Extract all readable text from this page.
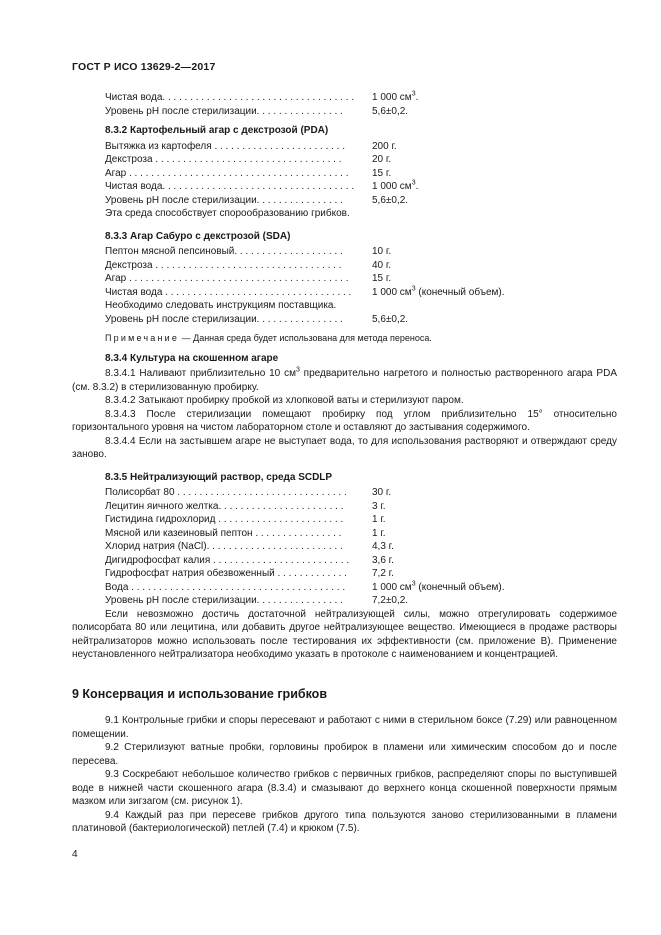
ГОСТ Р ИСО 13629-2—2017
Чистая вода. . . . . . . . . . . . . . . . . . . . . . . . . . . . . . . . . . .	1 000 $см^3$.
Уровень рН после стерилизации. . . . . . . . . . . . . . . .	5,6±0,2.
8.3.2 Картофельный агар с декстрозой (PDA)
Вытяжка из картофеля . . . . . . . . . . . . . . . . . . . . . . . .	200 г.
Декстроза . . . . . . . . . . . . . . . . . . . . . . . . . . . . . . . . . .	20 г.
Агар . . . . . . . . . . . . . . . . . . . . . . . . . . . . . . . . . . . . . . . .	15 г.
Чистая вода. . . . . . . . . . . . . . . . . . . . . . . . . . . . . . . . . . .	1 000 $см^3$.
Уровень рН после стерилизации. . . . . . . . . . . . . . . .	5,6±0,2.
Эта среда способствует спорообразованию грибков.
8.3.3 Агар Сабуро с декстрозой (SDA)
Пептон мясной пепсиновый. . . . . . . . . . . . . . . . . . . .	10 г.
Декстроза . . . . . . . . . . . . . . . . . . . . . . . . . . . . . . . . . .	40 г.
Агар . . . . . . . . . . . . . . . . . . . . . . . . . . . . . . . . . . . . . . . .	15 г.
Чистая вода . . . . . . . . . . . . . . . . . . . . . . . . . . . . . . . . . .	1 000 $см^3$ (конечный объем).
Необходимо следовать инструкциям поставщика.
Уровень рН после стерилизации. . . . . . . . . . . . . . . .	5,6±0,2.
Примечание — Данная среда будет использована для метода переноса.
8.3.4 Культура на скошенном агаре
8.3.4.1 Наливают приблизительно 10 $см^3$ предварительно нагретого и полностью растворенного агара PDA (см. 8.3.2) в стерилизованную пробирку.
8.3.4.2 Затыкают пробирку пробкой из хлопковой ваты и стерилизуют паром.
8.3.4.3 После стерилизации помещают пробирку под углом приблизительно 15° относительно горизонтального уровня на чистом лабораторном столе и оставляют до застывания содержимого.
8.3.4.4 Если на застывшем агаре не выступает вода, то для использования растворяют и отверждают среду заново.
8.3.5 Нейтрализующий раствор, среда SCDLP
Полисорбат 80 . . . . . . . . . . . . . . . . . . . . . . . . . . . . . . .	30 г.
Лецитин яичного желтка. . . . . . . . . . . . . . . . . . . . . . .	3 г.
Гистидина гидрохлорид . . . . . . . . . . . . . . . . . . . . . . .	1 г.
Мясной или казеиновый пептон . . . . . . . . . . . . . . . .	1 г.
Хлорид натрия (NaCl). . . . . . . . . . . . . . . . . . . . . . . . .	4,3 г.
Дигидрофосфат калия . . . . . . . . . . . . . . . . . . . . . . . . .	3,6 г.
Гидрофосфат натрия обезвоженный . . . . . . . . . . . . .	7,2 г.
Вода . . . . . . . . . . . . . . . . . . . . . . . . . . . . . . . . . . . . . . .	1 000 $см^3$ (конечный объем).
Уровень рН после стерилизации. . . . . . . . . . . . . . . .	7,2±0,2.
Если невозможно достичь достаточной нейтрализующей силы, можно отрегулировать содержимое полисорбата 80 или лецитина, или добавить другое нейтрализующее вещество. Имеющиеся в продаже растворы нейтрализаторов можно использовать после тестирования их эффективности (см. приложение В). Применение неустановленного нейтрализатора необходимо указать в протоколе с наименованием и концентрацией.
9 Консервация и использование грибков
9.1 Контрольные грибки и споры пересевают и работают с ними в стерильном боксе (7.29) или равноценном помещении.
9.2 Стерилизуют ватные пробки, горловины пробирок в пламени или химическим способом до и после пересева.
9.3 Соскребают небольшое количество грибков с первичных грибков, распределяют споры по выступившей воде в нижней части скошенного агара (8.3.4) и смазывают до верхнего конца скошенной поверхности прямым мазком или зигзагом (см. рисунок 1).
9.4 Каждый раз при пересеве грибков другого типа пользуются заново стерилизованными в пламени платиновой (бактериологической) петлей (7.4) и крюком (7.5).
4
